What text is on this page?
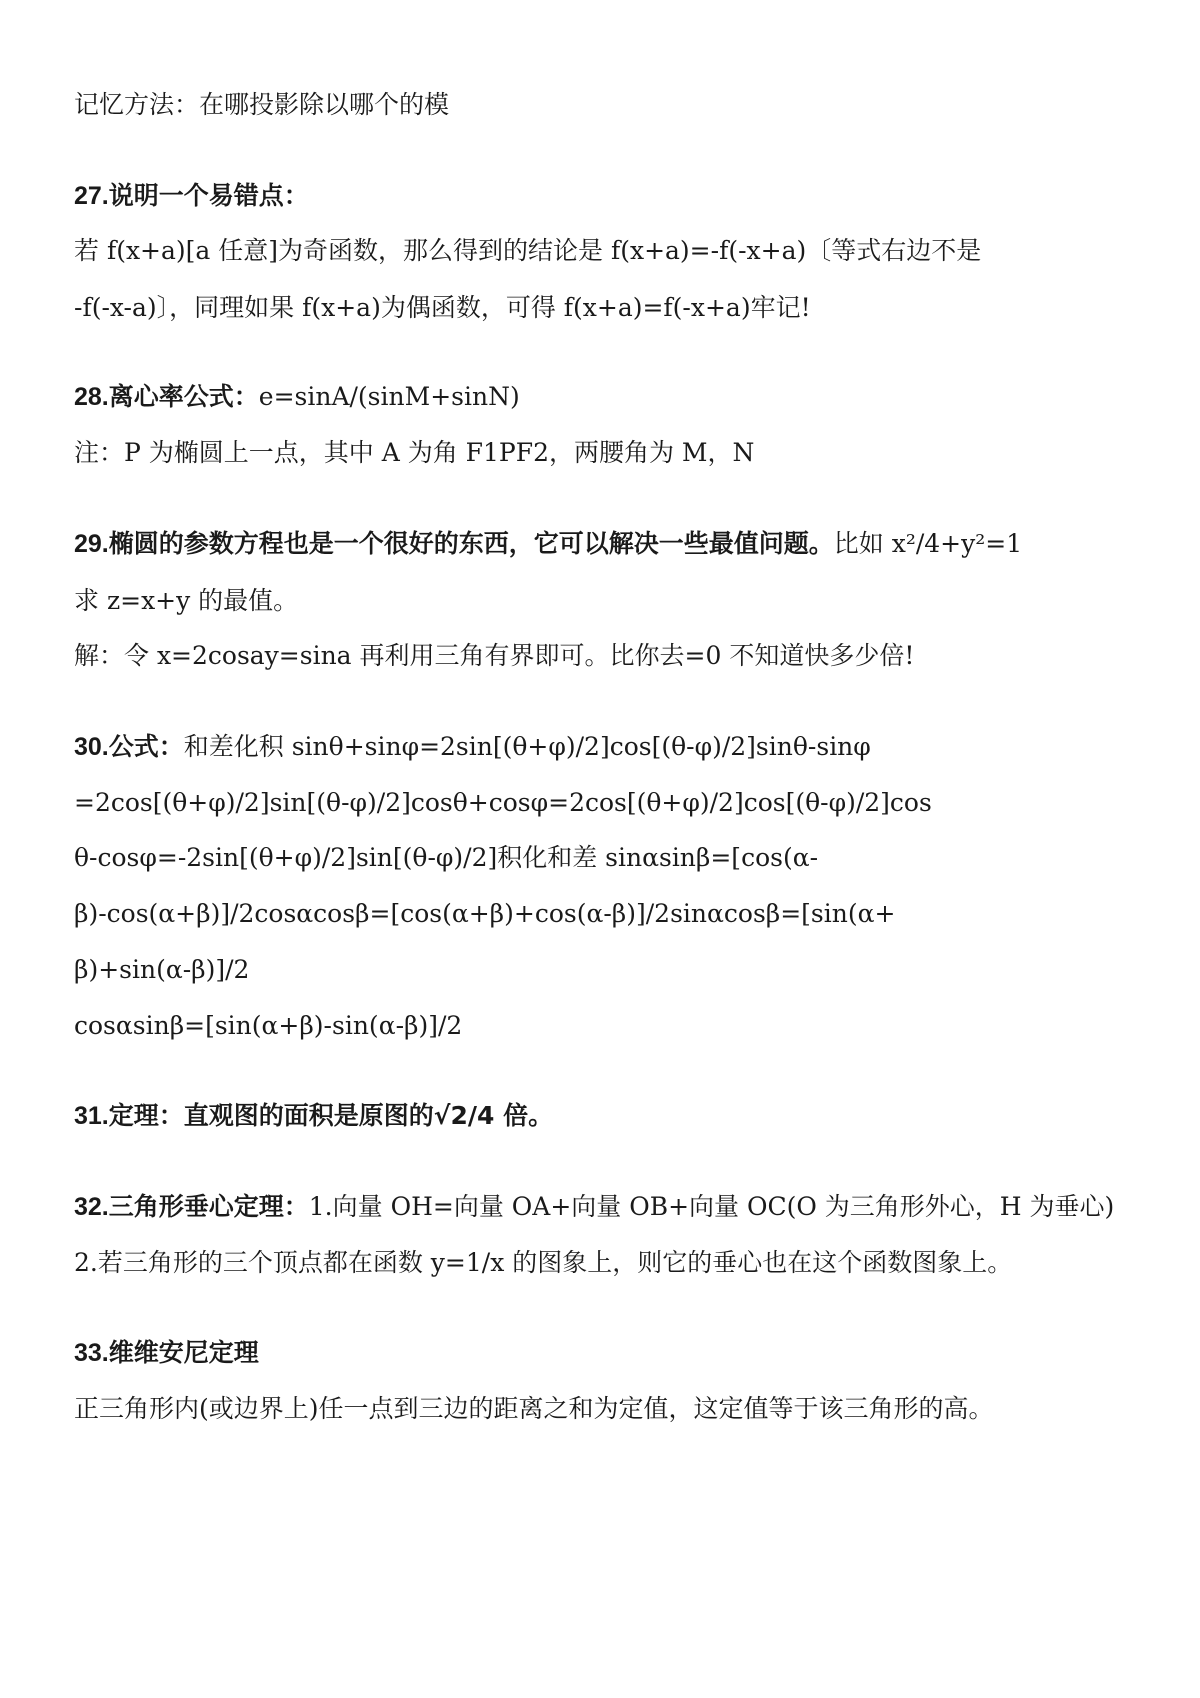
记忆方法：在哪投影除以哪个的模
27.说明一个易错点：
若 f(x+a)[a 任意]为奇函数，那么得到的结论是 f(x+a)=-f(-x+a)〔等式右边不是
-f(-x-a)〕，同理如果 f(x+a)为偶函数，可得 f(x+a)=f(-x+a)牢记!
28.离心率公式：e=sinA/(sinM+sinN)
注：P 为椭圆上一点，其中 A 为角 F1PF2，两腰角为 M，N
29.椭圆的参数方程也是一个很好的东西，它可以解决一些最值问题。比如 x²/4+y²=1
求 z=x+y 的最值。
解：令 x=2cosay=sina 再利用三角有界即可。比你去=0 不知道快多少倍!
30.公式：和差化积 sinθ+sinφ=2sin[(θ+φ)/2]cos[(θ-φ)/2]sinθ-sinφ
=2cos[(θ+φ)/2]sin[(θ-φ)/2]cosθ+cosφ=2cos[(θ+φ)/2]cos[(θ-φ)/2]cos
θ-cosφ=-2sin[(θ+φ)/2]sin[(θ-φ)/2]积化和差 sinαsinβ=[cos(α-
β)-cos(α+β)]/2cosαcosβ=[cos(α+β)+cos(α-β)]/2sinαcosβ=[sin(α+
β)+sin(α-β)]/2
cosαsinβ=[sin(α+β)-sin(α-β)]/2
31.定理：直观图的面积是原图的√2/4 倍。
32.三角形垂心定理：1.向量 OH=向量 OA+向量 OB+向量 OC(O 为三角形外心，H 为垂心)
2.若三角形的三个顶点都在函数 y=1/x 的图象上，则它的垂心也在这个函数图象上。
33.维维安尼定理
正三角形内(或边界上)任一点到三边的距离之和为定值，这定值等于该三角形的高。
